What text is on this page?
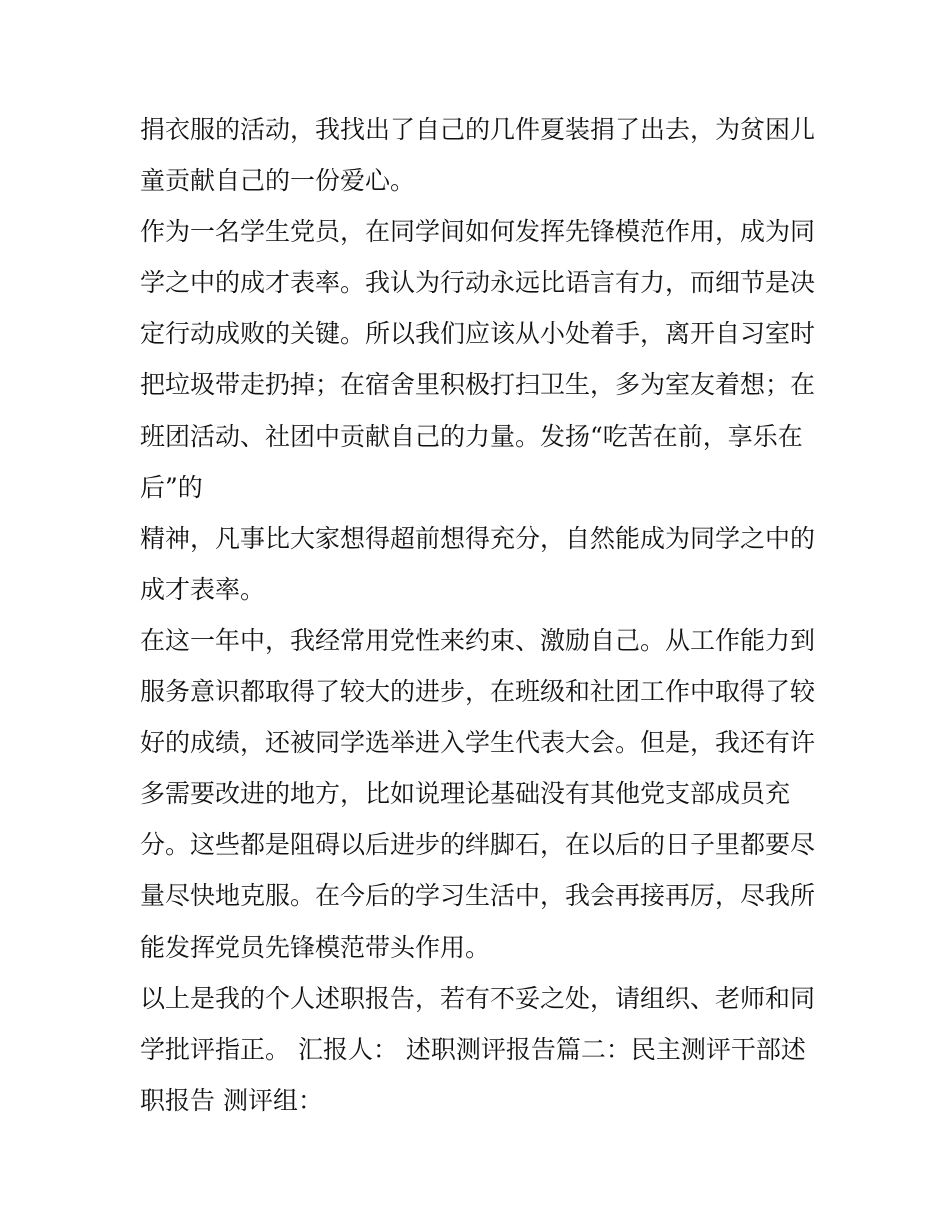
捐衣服的活动，我找出了自己的几件夏装捐了出去，为贫困儿
童贡献自己的一份爱心。
作为一名学生党员，在同学间如何发挥先锋模范作用，成为同
学之中的成才表率。我认为行动永远比语言有力，而细节是决
定行动成败的关键。所以我们应该从小处着手，离开自习室时
把垃圾带走扔掉；在宿舍里积极打扫卫生，多为室友着想；在
班团活动、社团中贡献自己的力量。发扬“吃苦在前，享乐在
后”的
精神，凡事比大家想得超前想得充分，自然能成为同学之中的
成才表率。
在这一年中，我经常用党性来约束、激励自己。从工作能力到
服务意识都取得了较大的进步，在班级和社团工作中取得了较
好的成绩，还被同学选举进入学生代表大会。但是，我还有许
多需要改进的地方，比如说理论基础没有其他党支部成员充
分。这些都是阻碍以后进步的绊脚石，在以后的日子里都要尽
量尽快地克服。在今后的学习生活中，我会再接再厉，尽我所
能发挥党员先锋模范带头作用。
以上是我的个人述职报告，若有不妥之处，请组织、老师和同
学批评指正。 汇报人： 述职测评报告篇二：民主测评干部述
职报告 测评组：
